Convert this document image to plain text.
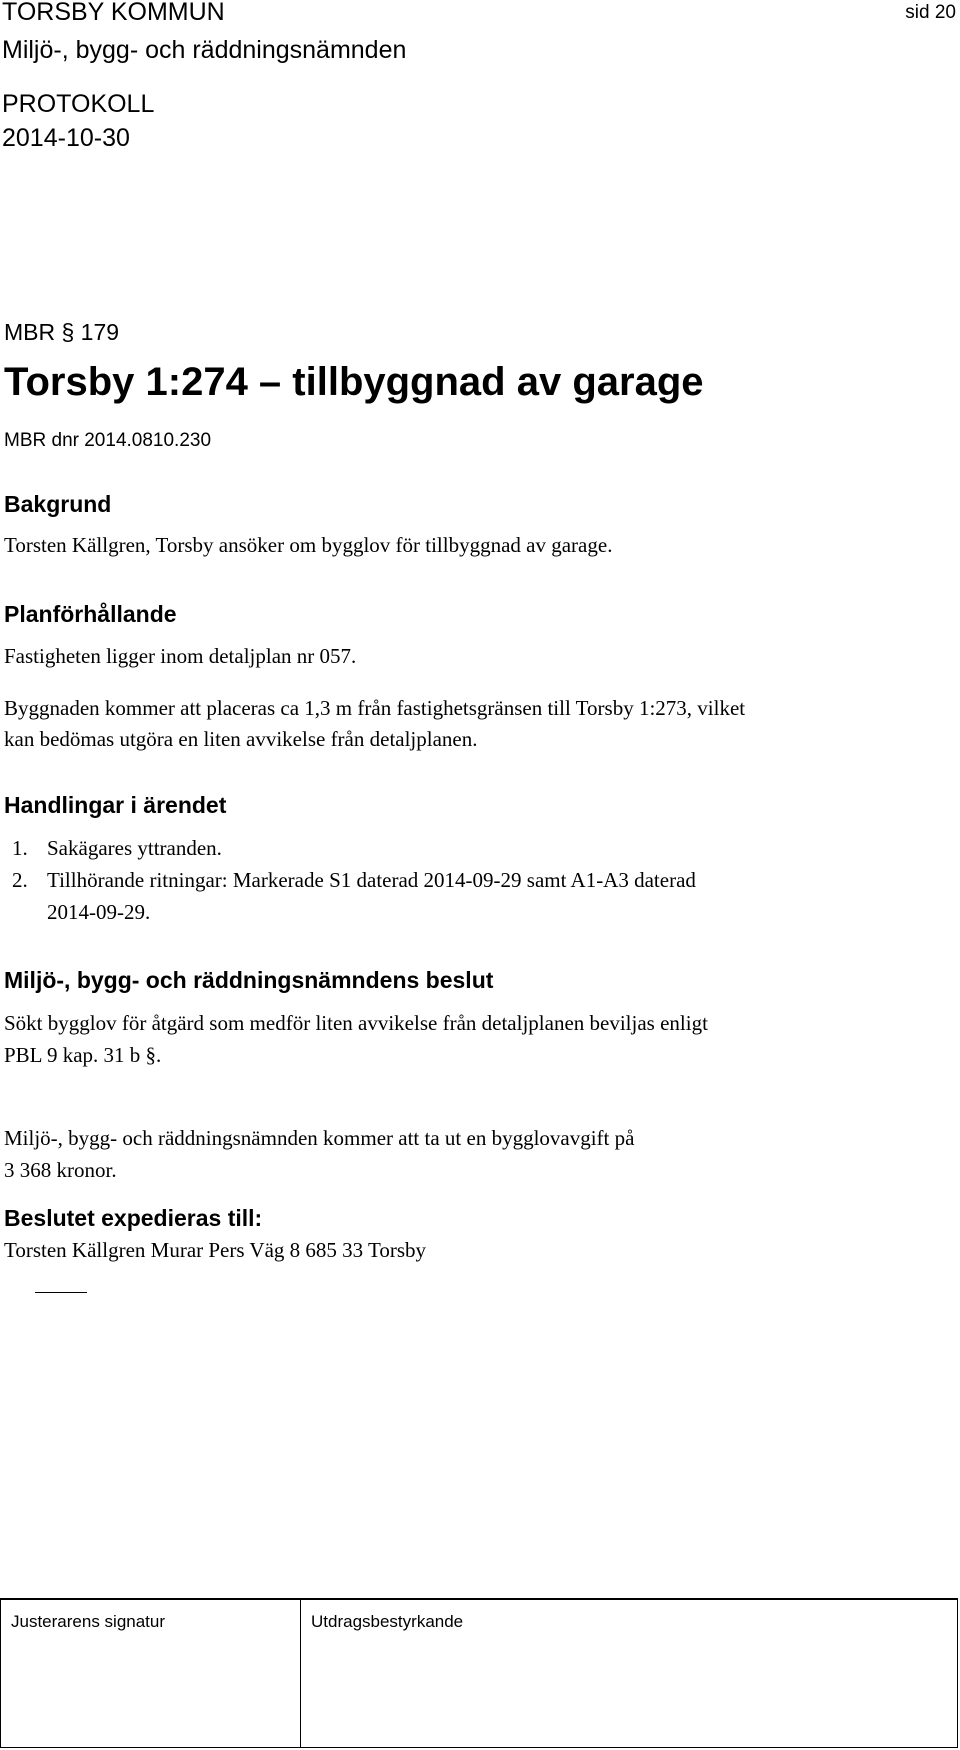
TORSBY KOMMUN	sid 20
Miljö-, bygg- och räddningsnämnden
PROTOKOLL
2014-10-30
MBR § 179
Torsby 1:274 – tillbyggnad av garage
MBR dnr 2014.0810.230
Bakgrund
Torsten Källgren, Torsby ansöker om bygglov för tillbyggnad av garage.
Planförhållande
Fastigheten ligger inom detaljplan nr 057.
Byggnaden kommer att placeras ca 1,3 m från fastighetsgränsen till Torsby 1:273, vilket
kan bedömas utgöra en liten avvikelse från detaljplanen.
Handlingar i ärendet
1. Sakägares yttranden.
2. Tillhörande ritningar: Markerade S1 daterad 2014-09-29 samt A1-A3 daterad
2014-09-29.
Miljö-, bygg- och räddningsnämndens beslut
Sökt bygglov för åtgärd som medför liten avvikelse från detaljplanen beviljas enligt
PBL 9 kap. 31 b §.
Miljö-, bygg- och räddningsnämnden kommer att ta ut en bygglovavgift på
3 368 kronor.
Beslutet expedieras till:
Torsten Källgren Murar Pers Väg 8 685 33 Torsby
Justerarens signatur	Utdragsbestyrkande
